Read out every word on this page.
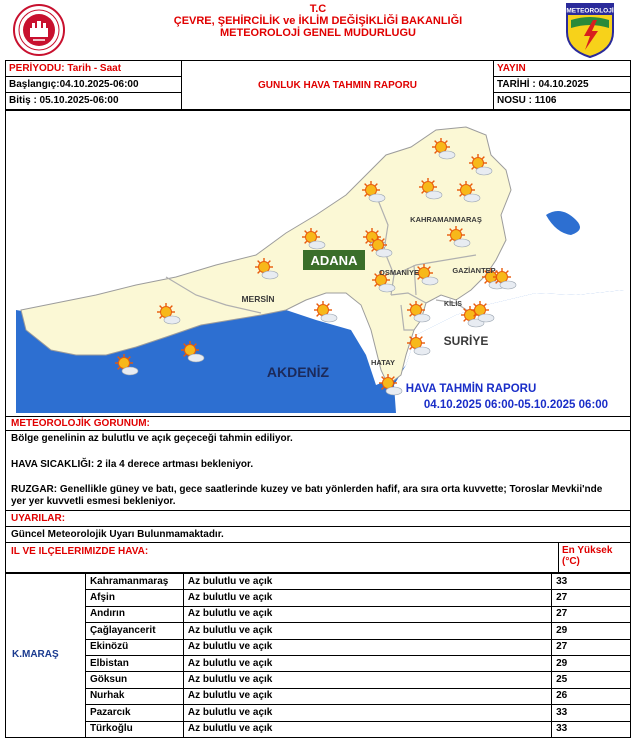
T.C
ÇEVRE, ŞEHİRCİLİK ve İKLİM DEĞİŞİKLİĞİ BAKANLIĞI
METEOROLOJİ GENEL MUDURLUGU
METEOROLOJİ
PERİYODU: Tarih - Saat
Başlangıç:04.10.2025-06:00
Bitiş : 05.10.2025-06:00
GUNLUK HAVA TAHMIN RAPORU
YAYIN
TARİHİ : 04.10.2025
NOSU : 1106
ADANA
KAHRAMANMARAŞ
OSMANİYE	GAZİANTEP
MERSİN
KİLİS
HATAY
SURİYE
AKDENİZ
HAVA TAHMİN RAPORU
04.10.2025 06:00-05.10.2025 06:00
METEOROLOJİK GORUNUM:

Bölge genelinin az bulutlu ve açık geçeceği tahmin ediliyor.

HAVA SICAKLIĞI: 2 ila 4 derece artması bekleniyor.

RUZGAR: Genellikle güney ve batı, gece saatlerinde kuzey ve batı yönlerden hafif, ara sıra orta kuvvette; Toroslar Mevkii'nde yer yer kuvvetli esmesi bekleniyor.

UYARILAR:
Güncel Meteorolojik Uyarı Bulunmamaktadır.
IL VE ILÇELERIMIZDE HAVA:	En Yüksek (°C)
K.MARAŞ	Kahramanmaraş	Az bulutlu ve açık	33
	Afşin	Az bulutlu ve açık	27
	Andırın	Az bulutlu ve açık	27
	Çağlayancerit	Az bulutlu ve açık	29
	Ekinözü	Az bulutlu ve açık	27
	Elbistan	Az bulutlu ve açık	29
	Göksun	Az bulutlu ve açık	25
	Nurhak	Az bulutlu ve açık	26
	Pazarcık	Az bulutlu ve açık	33
	Türkoğlu	Az bulutlu ve açık	33
